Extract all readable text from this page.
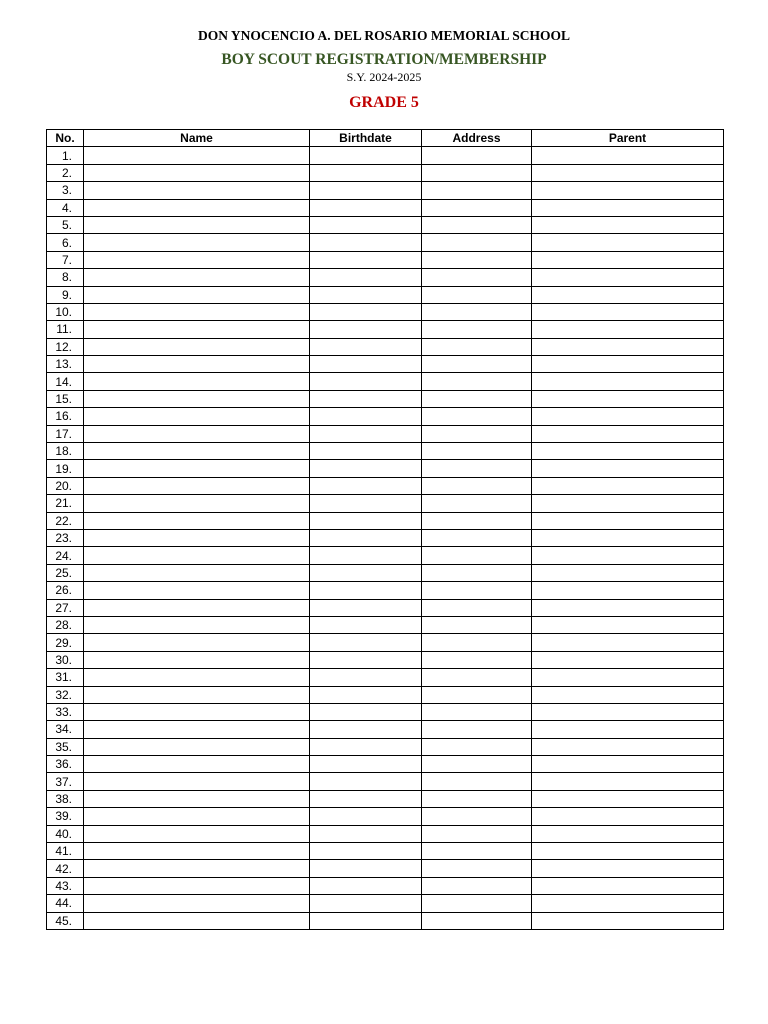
DON YNOCENCIO A. DEL ROSARIO MEMORIAL SCHOOL
BOY SCOUT REGISTRATION/MEMBERSHIP
S.Y. 2024-2025
GRADE 5
No.	Name	Birthdate	Address	Parent
1.				
2.				
3.				
4.				
5.				
6.				
7.				
8.				
9.				
10.				
11.				
12.				
13.				
14.				
15.				
16.				
17.				
18.				
19.				
20.				
21.				
22.				
23.				
24.				
25.				
26.				
27.				
28.				
29.				
30.				
31.				
32.				
33.				
34.				
35.				
36.				
37.				
38.				
39.				
40.				
41.				
42.				
43.				
44.				
45.				
